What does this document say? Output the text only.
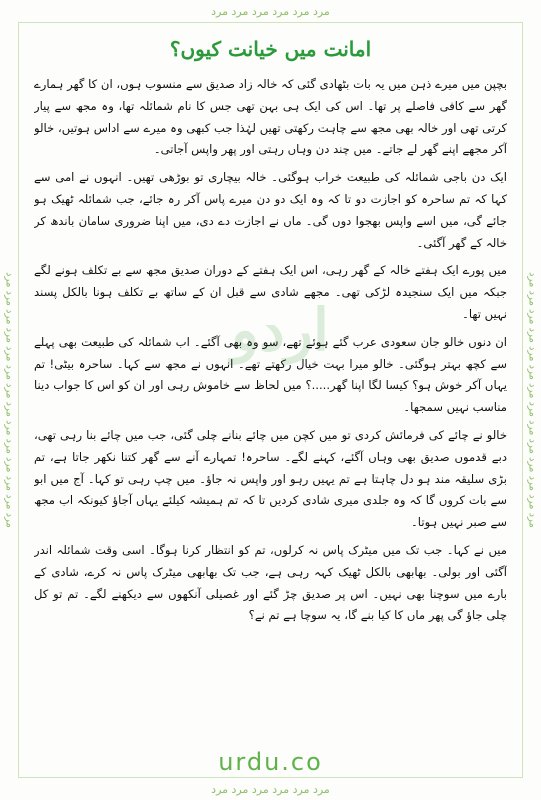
ﻣﺮﺩ ﻣﺮﺩ ﻣﺮﺩ ﻣﺮﺩ ﻣﺮﺩ ﻣﺮﺩ
ﻣﺮﺩ ﻣﺮﺩ ﻣﺮﺩ ﻣﺮﺩ ﻣﺮﺩ ﻣﺮﺩ ﻣﺮﺩ ﻣﺮﺩ ﻣﺮﺩ ﻣﺮﺩ ﻣﺮﺩ ﻣﺮﺩ ﻣﺮﺩ ﻣﺮﺩ	ﻣﺮﺩ ﻣﺮﺩ ﻣﺮﺩ ﻣﺮﺩ ﻣﺮﺩ ﻣﺮﺩ ﻣﺮﺩ ﻣﺮﺩ ﻣﺮﺩ ﻣﺮﺩ ﻣﺮﺩ ﻣﺮﺩ ﻣﺮﺩ ﻣﺮﺩ
اردو
امانت میں خیانت کیوں؟

بچپن میں میرے ذہن میں یہ بات بٹھادی گئی کہ خالہ زاد صدیق سے منسوب ہوں، ان کا گھر ہمارے گھر سے کافی فاصلے پر تھا۔ اس کی ایک ہی بہن تھی جس کا نام شمائلہ تھا، وہ مجھ سے پیار کرتی تھی اور خالہ بھی مجھ سے چاہت رکھتی تھیں لہٰذا جب کبھی وہ میرے سے اداس ہوتیں، خالو آکر مجھے اپنے گھر لے جاتے۔ میں چند دن وہاں رہتی اور پھر واپس آجاتی۔

ایک دن باجی شمائلہ کی طبیعت خراب ہوگئی۔ خالہ بیچاری تو بوڑھی تھیں۔ انہوں نے امی سے کہا کہ تم ساحرہ کو اجازت دو تا کہ وہ ایک دو دن میرے پاس آکر رہ جائے، جب شمائلہ ٹھیک ہو جائے گی، میں اسے واپس بھجوا دوں گی۔ ماں نے اجازت دے دی، میں اپنا ضروری سامان باندھ کر خالہ کے گھر آگئی۔

میں پورے ایک ہفتے خالہ کے گھر رہی، اس ایک ہفتے کے دوران صدیق مجھ سے بے تکلف ہونے لگے جبکہ میں ایک سنجیدہ لڑکی تھی۔ مجھے شادی سے قبل ان کے ساتھ بے تکلف ہونا بالکل پسند نہیں تھا۔

ان دنوں خالو جان سعودی عرب گئے ہوئے تھے، سو وہ بھی آگئے۔ اب شمائلہ کی طبیعت بھی پہلے سے کچھ بہتر ہوگئی۔ خالو میرا بہت خیال رکھتے تھے۔ انہوں نے مجھ سے کہا۔ ساحرہ بیٹی! تم یہاں آکر خوش ہو؟ کیسا لگا اپنا گھر.....؟ میں لحاظ سے خاموش رہی اور ان کو اس کا جواب دینا مناسب نہیں سمجھا۔

خالو نے چائے کی فرمائش کردی تو میں کچن میں چائے بنانے چلی گئی، جب میں چائے بنا رہی تھی، دبے قدموں صدیق بھی وہاں آگئے، کہنے لگے۔ ساحرہ! تمہارے آنے سے گھر کتنا نکھر جاتا ہے، تم بڑی سلیقہ مند ہو دل چاہتا ہے تم یہیں رہو اور واپس نہ جاؤ۔ میں چپ رہی تو کہا۔ آج میں ابو سے بات کروں گا کہ وہ جلدی میری شادی کردیں تا کہ تم ہمیشہ کیلئے یہاں آجاؤ کیونکہ اب مجھ سے صبر نہیں ہوتا۔

میں نے کہا۔ جب تک میں میٹرک پاس نہ کرلوں، تم کو انتظار کرنا ہوگا۔ اسی وقت شمائلہ اندر آگئی اور بولی۔ بھابھی بالکل ٹھیک کہہ رہی ہے، جب تک بھابھی میٹرک پاس نہ کرے، شادی کے بارے میں سوچنا بھی نہیں۔ اس پر صدیق چڑ گئے اور غصیلی آنکھوں سے دیکھنے لگے۔ تم تو کل چلی جاؤ گی پھر ماں کا کیا بنے گا، یہ سوچا ہے تم نے؟

urdu.co
ﻣﺮﺩ ﻣﺮﺩ ﻣﺮﺩ ﻣﺮﺩ ﻣﺮﺩ ﻣﺮﺩ
